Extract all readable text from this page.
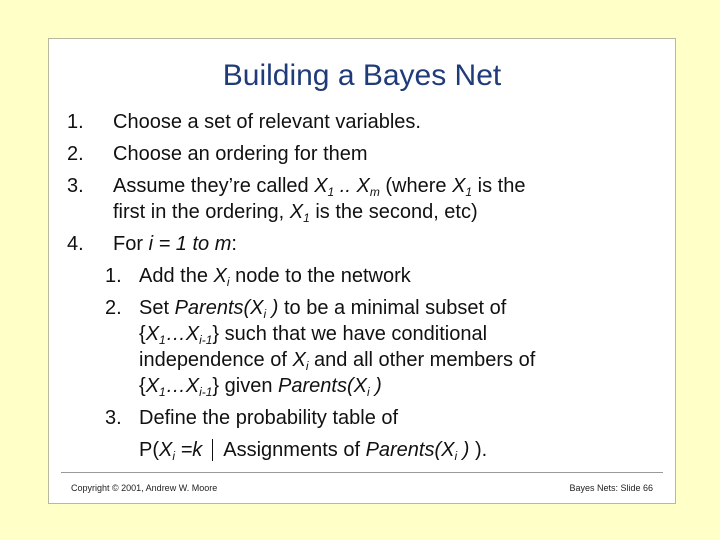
Building a Bayes Net
1. Choose a set of relevant variables.
2. Choose an ordering for them
3. Assume they’re called $X_1$ .. $X_m$ (where $X_1$ is the
first in the ordering, $X_1$ is the second, etc)
4. For i = 1 to m:
1. Add the $X_i$ node to the network
2. Set $Parents(X_i$ ) to be a minimal subset of
$\{X_1\dots X_{i-1}\}$ such that we have conditional
independence of $X_i$ and all other members of
$\{X_1\dots X_{i-1}\}$ given $Parents(X_i$ )
3. Define the probability table of
$P(X_i =k$ Assignments of $Parents(X_i$ ) ).
Copyright © 2001, Andrew W. Moore	Bayes Nets: Slide 66
